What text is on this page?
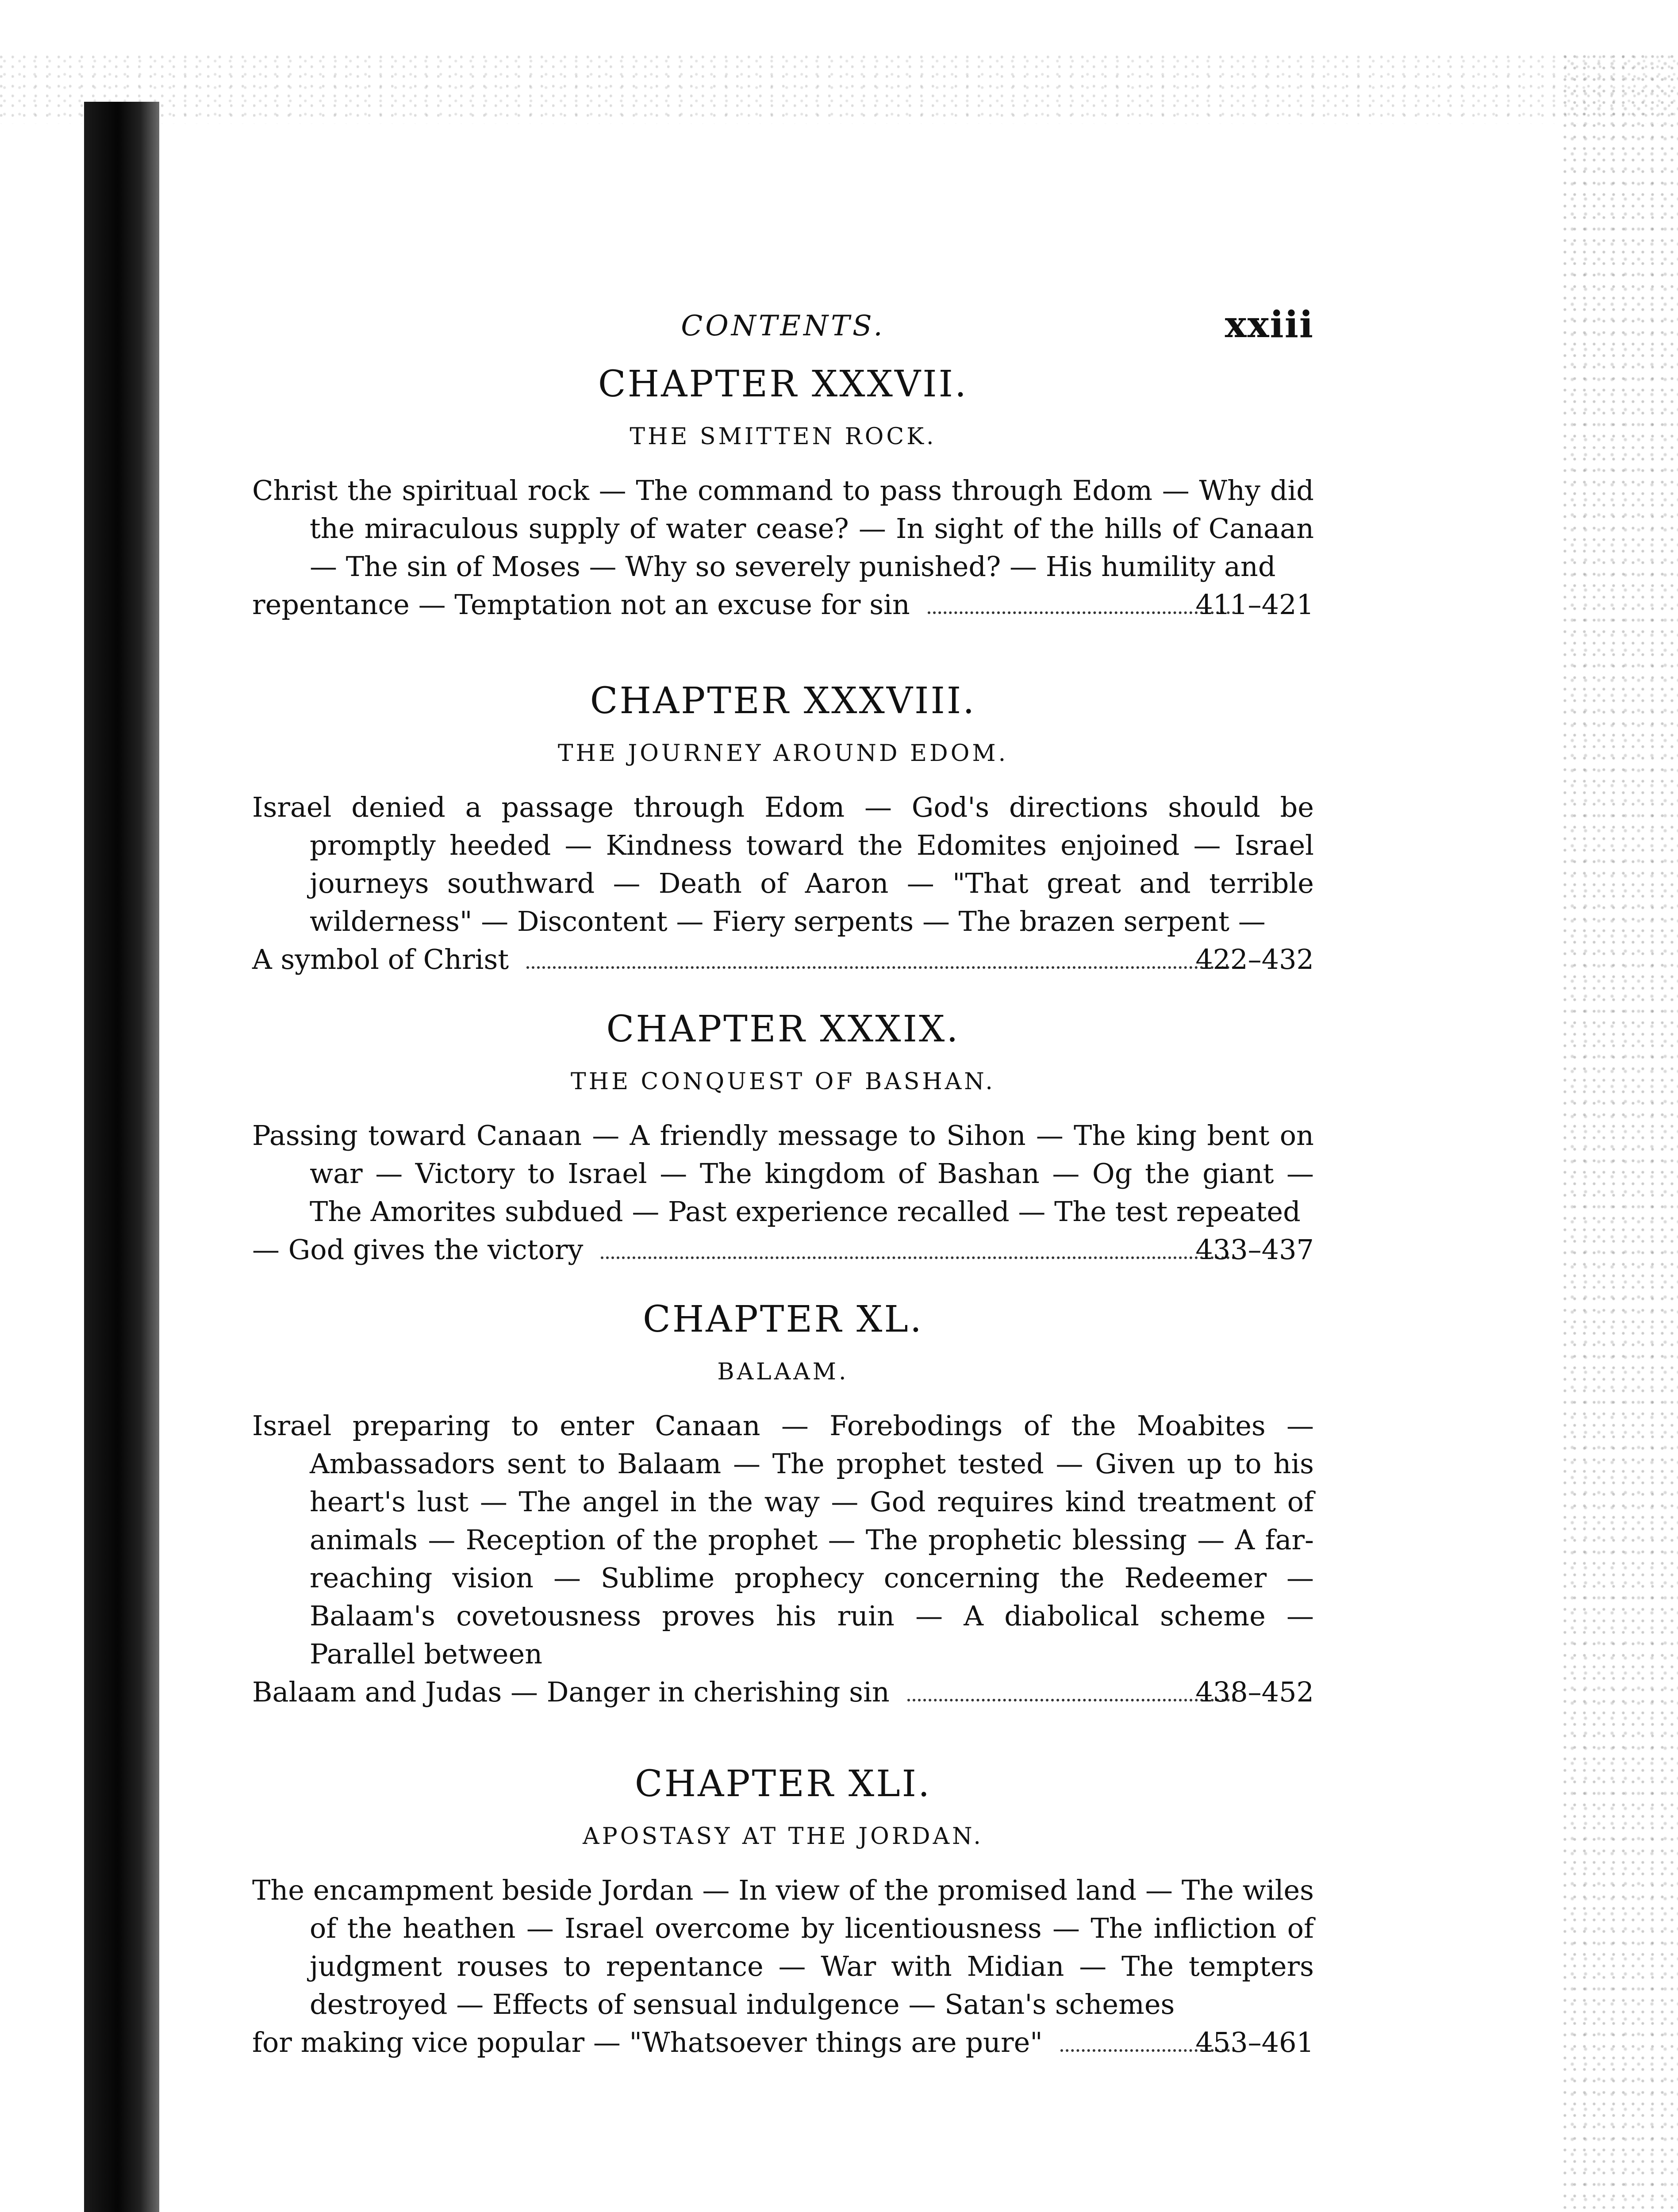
CONTENTS.	xxiii
CHAPTER XXXVII.
THE SMITTEN ROCK.
Christ the spiritual rock — The command to pass through Edom — Why did the miraculous supply of water cease? — In sight of the hills of Canaan — The sin of Moses — Why so severely punished? — His humility and
repentance — Temptation not an excuse for sin	411–421
CHAPTER XXXVIII.
THE JOURNEY AROUND EDOM.
Israel denied a passage through Edom — God's directions should be promptly heeded — Kindness toward the Edomites enjoined — Israel journeys southward — Death of Aaron — "That great and terrible wilderness" — Discontent — Fiery serpents — The brazen serpent —
A symbol of Christ	422–432
CHAPTER XXXIX.
THE CONQUEST OF BASHAN.
Passing toward Canaan — A friendly message to Sihon — The king bent on war — Victory to Israel — The kingdom of Bashan — Og the giant — The Amorites subdued — Past experience recalled — The test repeated
— God gives the victory	433–437
CHAPTER XL.
BALAAM.
Israel preparing to enter Canaan — Forebodings of the Moabites — Ambassadors sent to Balaam — The prophet tested — Given up to his heart's lust — The angel in the way — God requires kind treatment of animals — Reception of the prophet — The prophetic blessing — A far-reaching vision — Sublime prophecy concerning the Redeemer — Balaam's covetousness proves his ruin — A diabolical scheme — Parallel between
Balaam and Judas — Danger in cherishing sin	438–452
CHAPTER XLI.
APOSTASY AT THE JORDAN.
The encampment beside Jordan — In view of the promised land — The wiles of the heathen — Israel overcome by licentiousness — The infliction of judgment rouses to repentance — War with Midian — The tempters destroyed — Effects of sensual indulgence — Satan's schemes
for making vice popular — "Whatsoever things are pure"	453–461
